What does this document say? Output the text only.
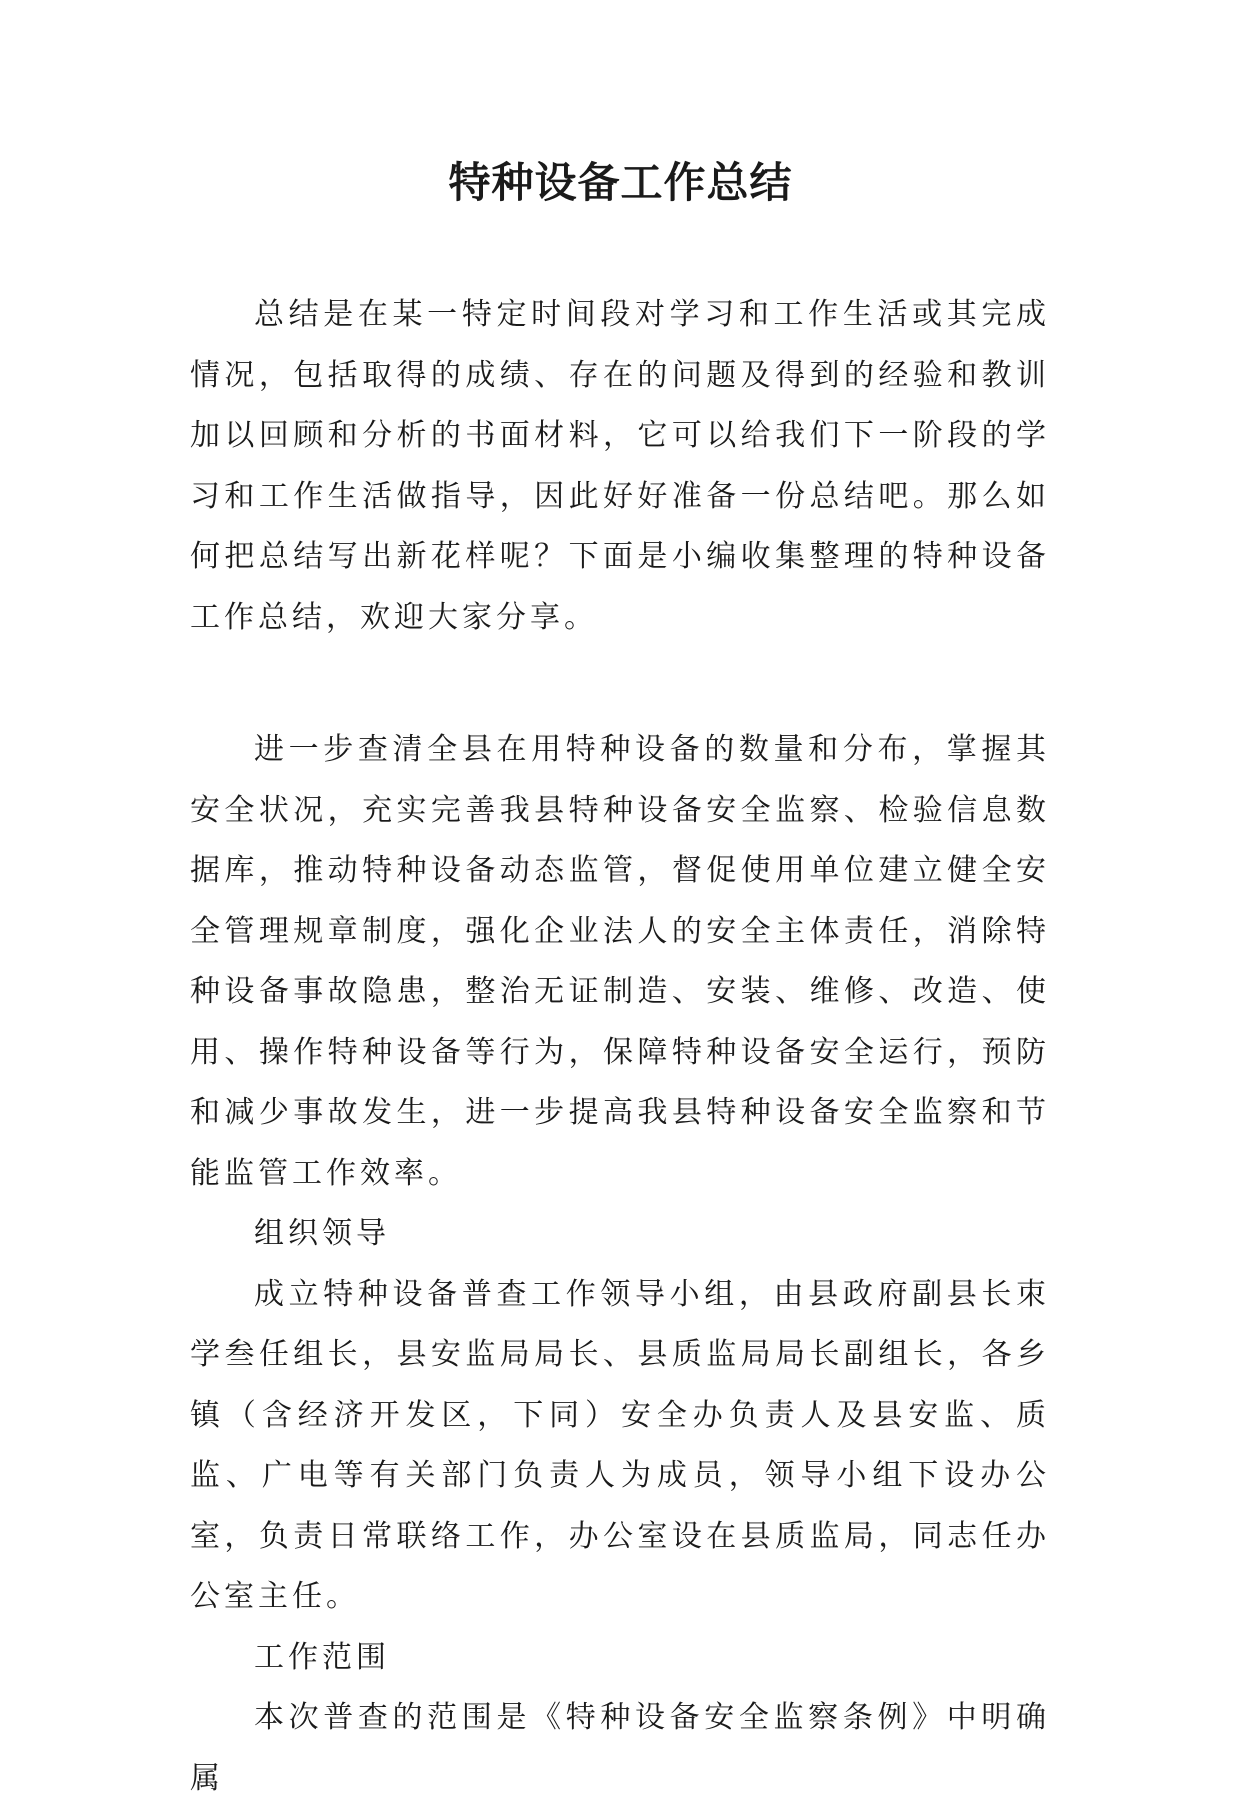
特种设备工作总结

总结是在某一特定时间段对学习和工作生活或其完成情况，包括取得的成绩、存在的问题及得到的经验和教训加以回顾和分析的书面材料，它可以给我们下一阶段的学习和工作生活做指导，因此好好准备一份总结吧。那么如何把总结写出新花样呢？下面是小编收集整理的特种设备工作总结，欢迎大家分享。

进一步查清全县在用特种设备的数量和分布，掌握其安全状况，充实完善我县特种设备安全监察、检验信息数据库，推动特种设备动态监管，督促使用单位建立健全安全管理规章制度，强化企业法人的安全主体责任，消除特种设备事故隐患，整治无证制造、安装、维修、改造、使用、操作特种设备等行为，保障特种设备安全运行，预防和减少事故发生，进一步提高我县特种设备安全监察和节能监管工作效率。

组织领导

成立特种设备普查工作领导小组，由县政府副县长朿学叁任组长，县安监局局长、县质监局局长副组长，各乡镇（含经济开发区，下同）安全办负责人及县安监、质监、广电等有关部门负责人为成员，领导小组下设办公室，负责日常联络工作，办公室设在县质监局，同志任办公室主任。

工作范围

本次普查的范围是《特种设备安全监察条例》中明确属
